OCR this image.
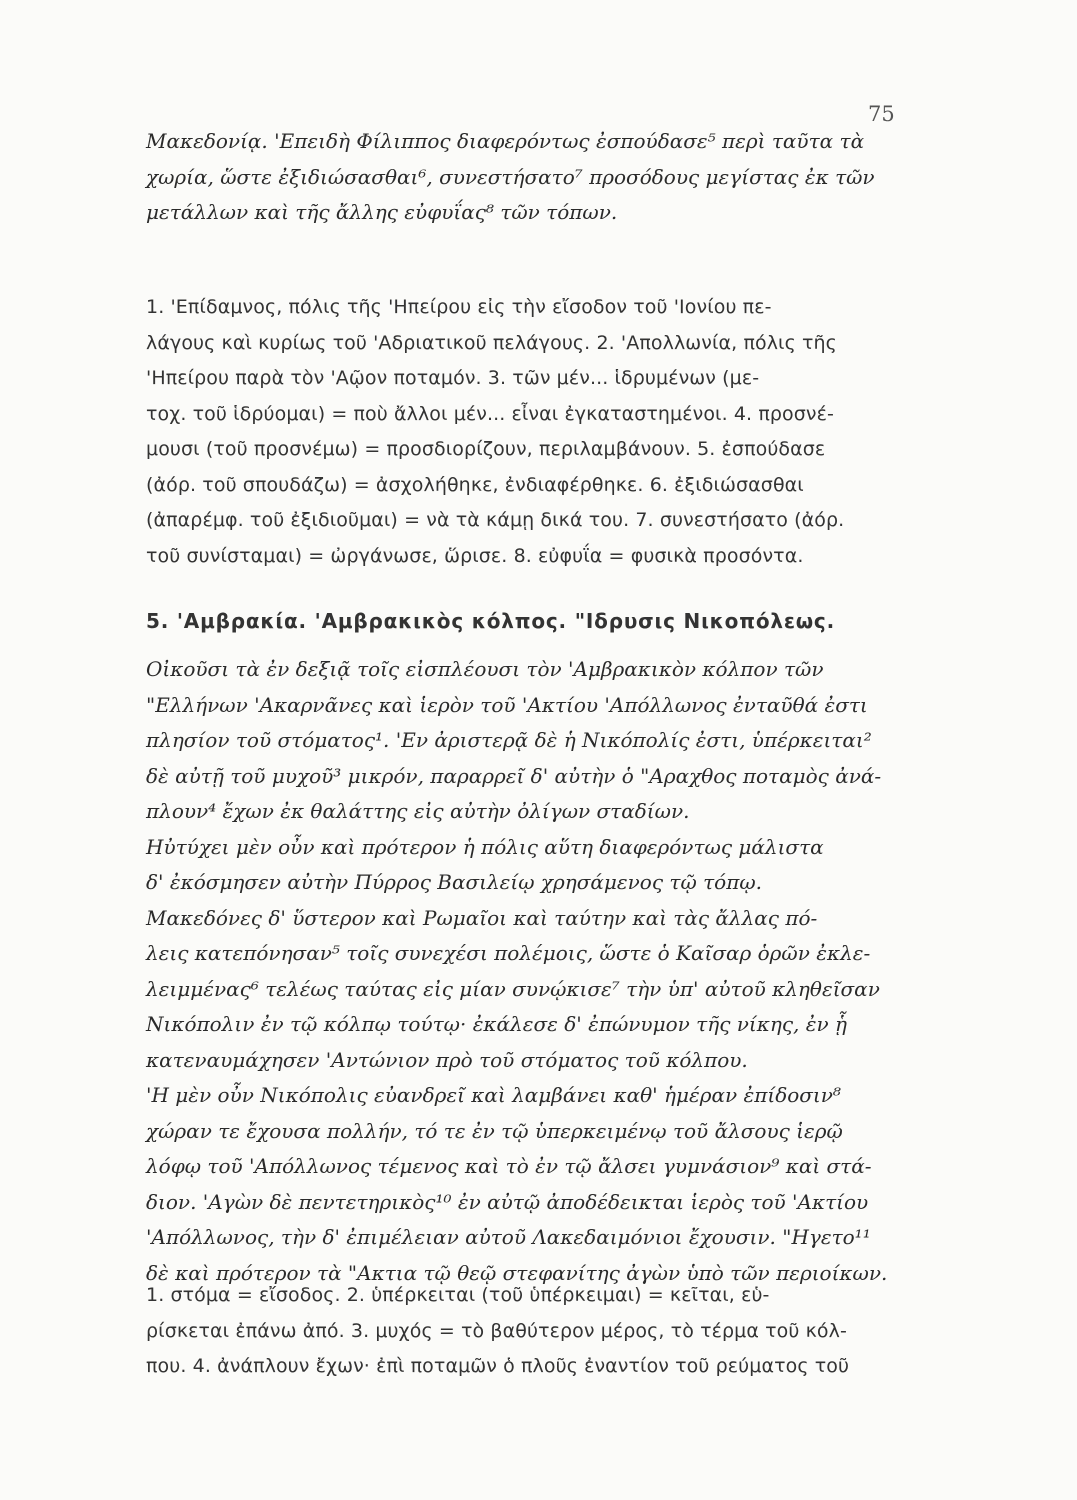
75
Μακεδονίᾳ. 'Επειδὴ Φίλιππος διαφερόντως ἐσπούδασε⁵ περὶ ταῦτα τὰ
χωρία, ὥστε ἐξιδιώσασθαι⁶, συνεστήσατο⁷ προσόδους μεγίστας ἐκ τῶν
μετάλλων καὶ τῆς ἄλλης εὐφυΐας⁸ τῶν τόπων.
1. 'Επίδαμνος, πόλις τῆς 'Ηπείρου εἰς τὴν εἴσοδον τοῦ 'Ιονίου πε-
λάγους καὶ κυρίως τοῦ 'Αδριατικοῦ πελάγους. 2. 'Απολλωνία, πόλις τῆς
'Ηπείρου παρὰ τὸν 'Αῷον ποταμόν. 3. τῶν μέν... ἱδρυμένων (με-
τοχ. τοῦ ἱδρύομαι) = ποὺ ἄλλοι μέν... εἶναι ἐγκαταστημένοι. 4. προσνέ-
μουσι (τοῦ προσνέμω) = προσδιορίζουν, περιλαμβάνουν. 5. ἐσπούδασε
(ἀόρ. τοῦ σπουδάζω) = ἀσχολήθηκε, ἐνδιαφέρθηκε. 6. ἐξιδιώσασθαι
(ἀπαρέμφ. τοῦ ἐξιδιοῦμαι) = νὰ τὰ κάμῃ δικά του. 7. συνεστήσατο (ἀόρ.
τοῦ συνίσταμαι) = ὠργάνωσε, ὥρισε. 8. εὐφυΐα = φυσικὰ προσόντα.
5. 'Αμβρακία. 'Αμβρακικὸς κόλπος. "Ιδρυσις Νικοπόλεως.
Οἰκοῦσι τὰ ἐν δεξιᾷ τοῖς εἰσπλέουσι τὸν 'Αμβρακικὸν κόλπον τῶν
"Ελλήνων 'Ακαρνᾶνες καὶ ἱερὸν τοῦ 'Ακτίου 'Απόλλωνος ἐνταῦθά ἐστι
πλησίον τοῦ στόματος¹. 'Εν ἀριστερᾷ δὲ ἡ Νικόπολίς ἐστι, ὑπέρκειται²
δὲ αὐτῇ τοῦ μυχοῦ³ μικρόν, παραρρεῖ δ' αὐτὴν ὁ "Αραχθος ποταμὸς ἀνά-
πλουν⁴ ἔχων ἐκ θαλάττης εἰς αὐτὴν ὀλίγων σταδίων.
Ηὐτύχει μὲν οὖν καὶ πρότερον ἡ πόλις αὕτη διαφερόντως μάλιστα
δ' ἐκόσμησεν αὐτὴν Πύρρος Βασιλείῳ χρησάμενος τῷ τόπῳ.
Μακεδόνες δ' ὕστερον καὶ Ρωμαῖοι καὶ ταύτην καὶ τὰς ἄλλας πό-
λεις κατεπόνησαν⁵ τοῖς συνεχέσι πολέμοις, ὥστε ὁ Καῖσαρ ὁρῶν ἐκλε-
λειμμένας⁶ τελέως ταύτας εἰς μίαν συνῴκισε⁷ τὴν ὑπ' αὐτοῦ κληθεῖσαν
Νικόπολιν ἐν τῷ κόλπῳ τούτῳ· ἐκάλεσε δ' ἐπώνυμον τῆς νίκης, ἐν ᾗ
κατεναυμάχησεν 'Αντώνιον πρὸ τοῦ στόματος τοῦ κόλπου.
'Η μὲν οὖν Νικόπολις εὐανδρεῖ καὶ λαμβάνει καθ' ἡμέραν ἐπίδοσιν⁸
χώραν τε ἔχουσα πολλήν, τό τε ἐν τῷ ὑπερκειμένῳ τοῦ ἄλσους ἱερῷ
λόφῳ τοῦ 'Απόλλωνος τέμενος καὶ τὸ ἐν τῷ ἄλσει γυμνάσιον⁹ καὶ στά-
διον. 'Αγὼν δὲ πεντετηρικὸς¹⁰ ἐν αὐτῷ ἀποδέδεικται ἱερὸς τοῦ 'Ακτίου
'Απόλλωνος, τὴν δ' ἐπιμέλειαν αὐτοῦ Λακεδαιμόνιοι ἔχουσιν. "Ηγετο¹¹
δὲ καὶ πρότερον τὰ "Ακτια τῷ θεῷ στεφανίτης ἀγὼν ὑπὸ τῶν περιοίκων.
1. στόμα = εἴσοδος. 2. ὑπέρκειται (τοῦ ὑπέρκειμαι) = κεῖται, εὑ-
ρίσκεται ἐπάνω ἀπό. 3. μυχός = τὸ βαθύτερον μέρος, τὸ τέρμα τοῦ κόλ-
που. 4. ἀνάπλουν ἔχων· ἐπὶ ποταμῶν ὁ πλοῦς ἐναντίον τοῦ ρεύματος τοῦ
